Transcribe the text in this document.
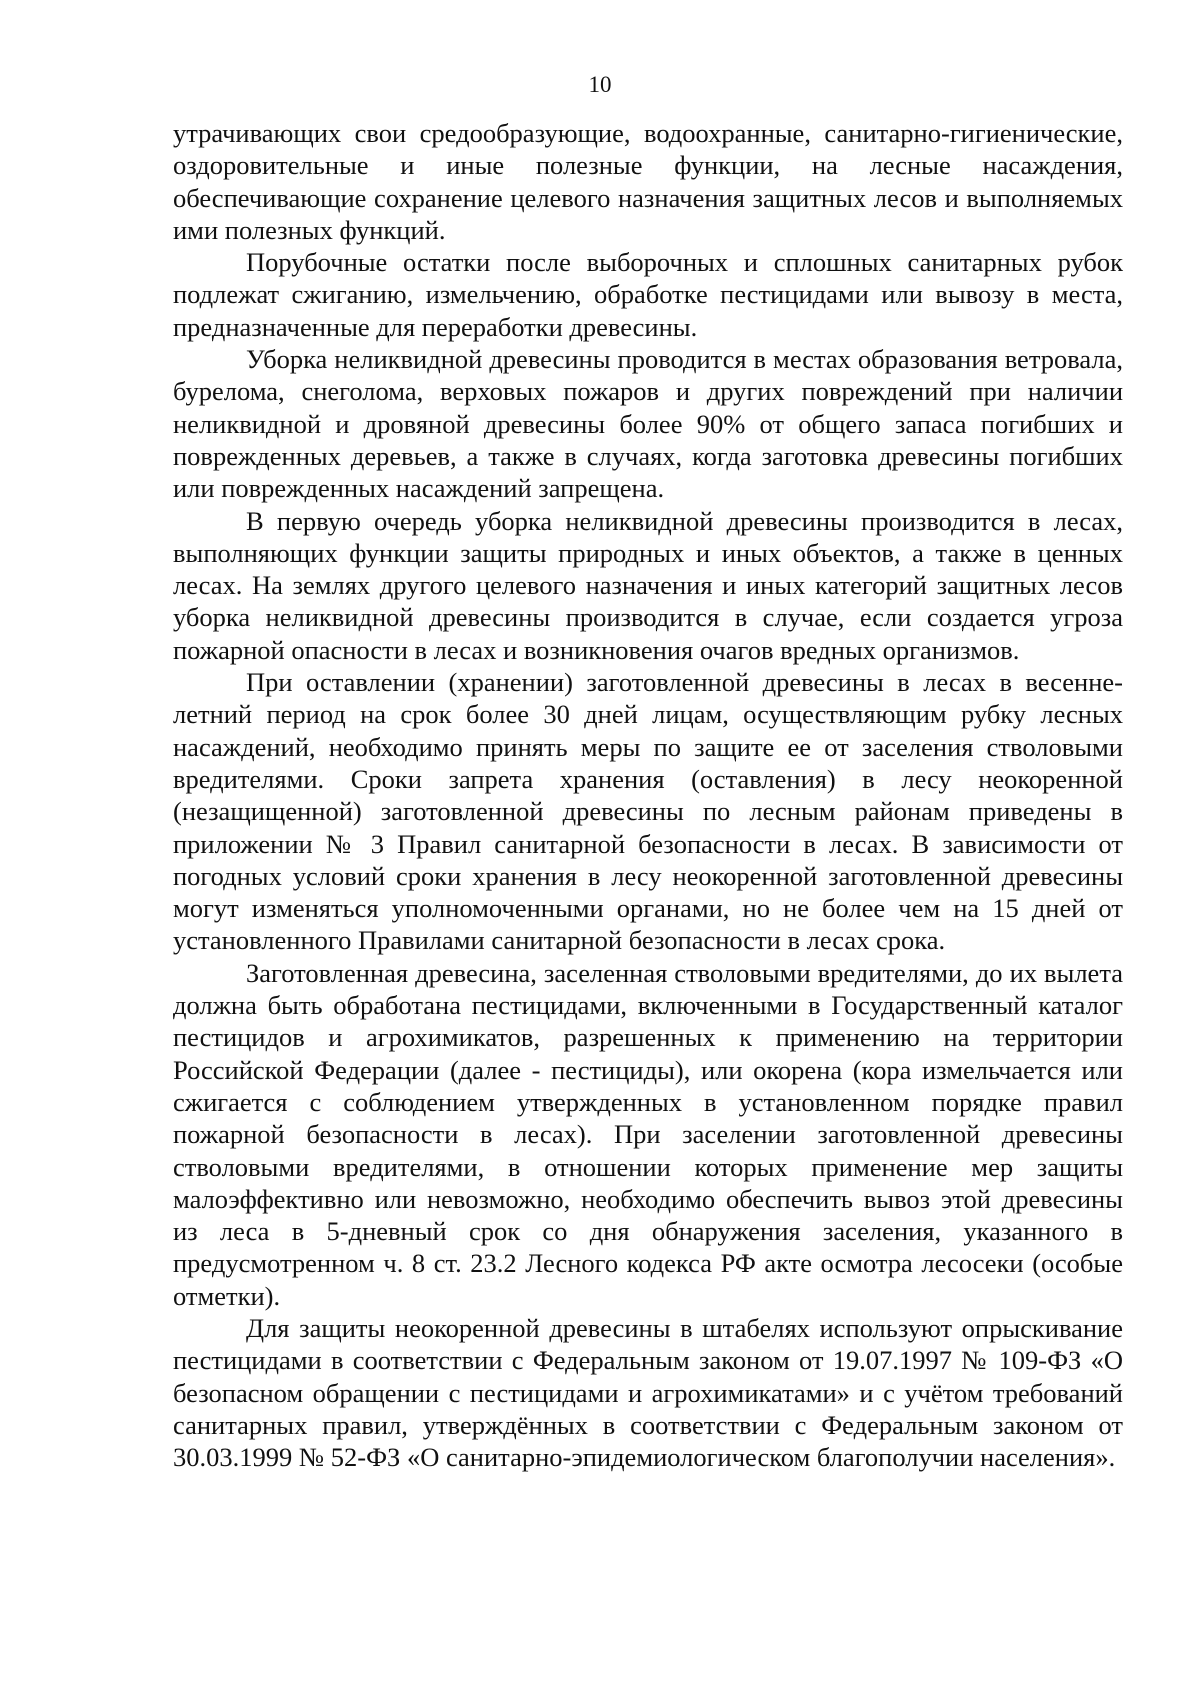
10

утрачивающих свои средообразующие, водоохранные, санитарно-гигиенические, оздоровительные и иные полезные функции, на лесные насаждения, обеспечивающие сохранение целевого назначения защитных лесов и выполняемых ими полезных функций.

Порубочные остатки после выборочных и сплошных санитарных рубок подлежат сжиганию, измельчению, обработке пестицидами или вывозу в места, предназначенные для переработки древесины.

Уборка неликвидной древесины проводится в местах образования ветровала, бурелома, снеголома, верховых пожаров и других повреждений при наличии неликвидной и дровяной древесины более 90% от общего запаса погибших и поврежденных деревьев, а также в случаях, когда заготовка древесины погибших или поврежденных насаждений запрещена.

В первую очередь уборка неликвидной древесины производится в лесах, выполняющих функции защиты природных и иных объектов, а также в ценных лесах. На землях другого целевого назначения и иных категорий защитных лесов уборка неликвидной древесины производится в случае, если создается угроза пожарной опасности в лесах и возникновения очагов вредных организмов.

При оставлении (хранении) заготовленной древесины в лесах в весенне-летний период на срок более 30 дней лицам, осуществляющим рубку лесных насаждений, необходимо принять меры по защите ее от заселения стволовыми вредителями. Сроки запрета хранения (оставления) в лесу неокоренной (незащищенной) заготовленной древесины по лесным районам приведены в приложении № 3 Правил санитарной безопасности в лесах. В зависимости от погодных условий сроки хранения в лесу неокоренной заготовленной древесины могут изменяться уполномоченными органами, но не более чем на 15 дней от установленного Правилами санитарной безопасности в лесах срока.

Заготовленная древесина, заселенная стволовыми вредителями, до их вылета должна быть обработана пестицидами, включенными в Государственный каталог пестицидов и агрохимикатов, разрешенных к применению на территории Российской Федерации (далее - пестициды), или окорена (кора измельчается или сжигается с соблюдением утвержденных в установленном порядке правил пожарной безопасности в лесах). При заселении заготовленной древесины стволовыми вредителями, в отношении которых применение мер защиты малоэффективно или невозможно, необходимо обеспечить вывоз этой древесины из леса в 5-дневный срок со дня обнаружения заселения, указанного в предусмотренном ч. 8 ст. 23.2 Лесного кодекса РФ акте осмотра лесосеки (особые отметки).

Для защиты неокоренной древесины в штабелях используют опрыскивание пестицидами в соответствии с Федеральным законом от 19.07.1997 № 109-ФЗ «О безопасном обращении с пестицидами и агрохимикатами» и с учётом требований санитарных правил, утверждённых в соответствии с Федеральным законом от 30.03.1999 № 52-ФЗ «О санитарно-эпидемиологическом благополучии населения».
